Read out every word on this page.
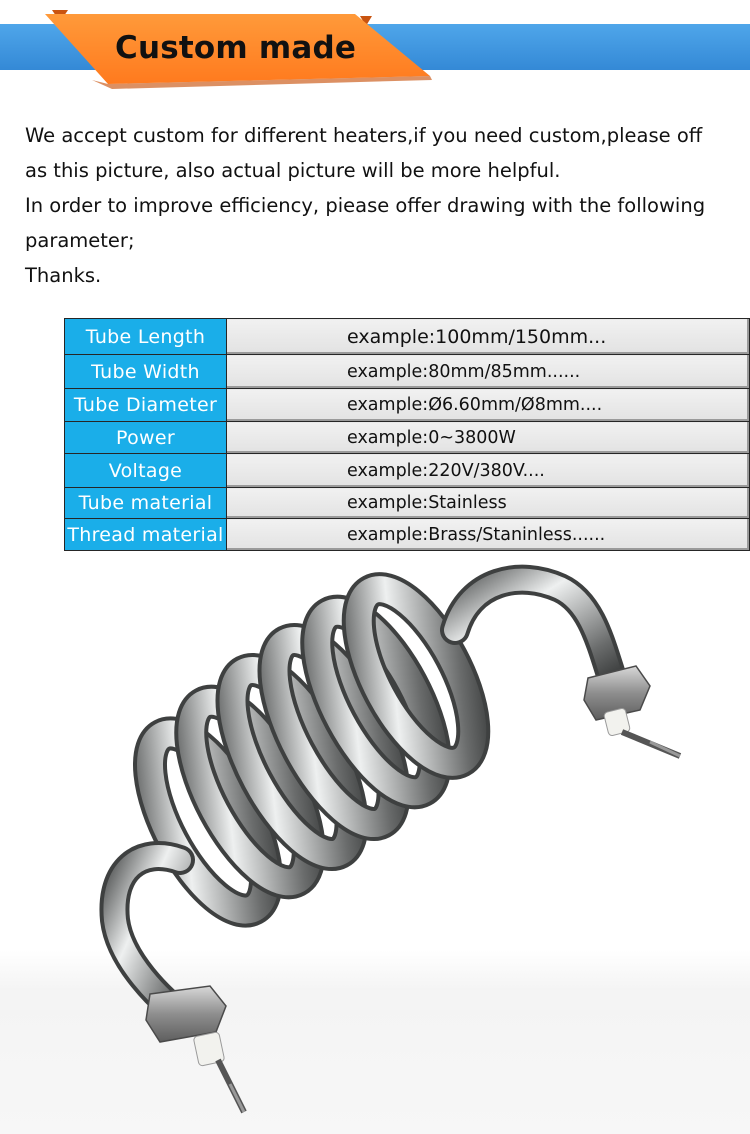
Custom made

We accept custom for different heaters,if you need custom,please off

as this picture, also actual picture will be more helpful.

In order to improve efficiency, piease offer drawing with the following

parameter;

Thanks.

Tube Length	example:100mm/150mm...
Tube Width	example:80mm/85mm......
Tube Diameter	example:Ø6.60mm/Ø8mm....
Power	example:0~3800W
Voltage	example:220V/380V....
Tube material	example:Stainless
Thread material	example:Brass/Staninless......
